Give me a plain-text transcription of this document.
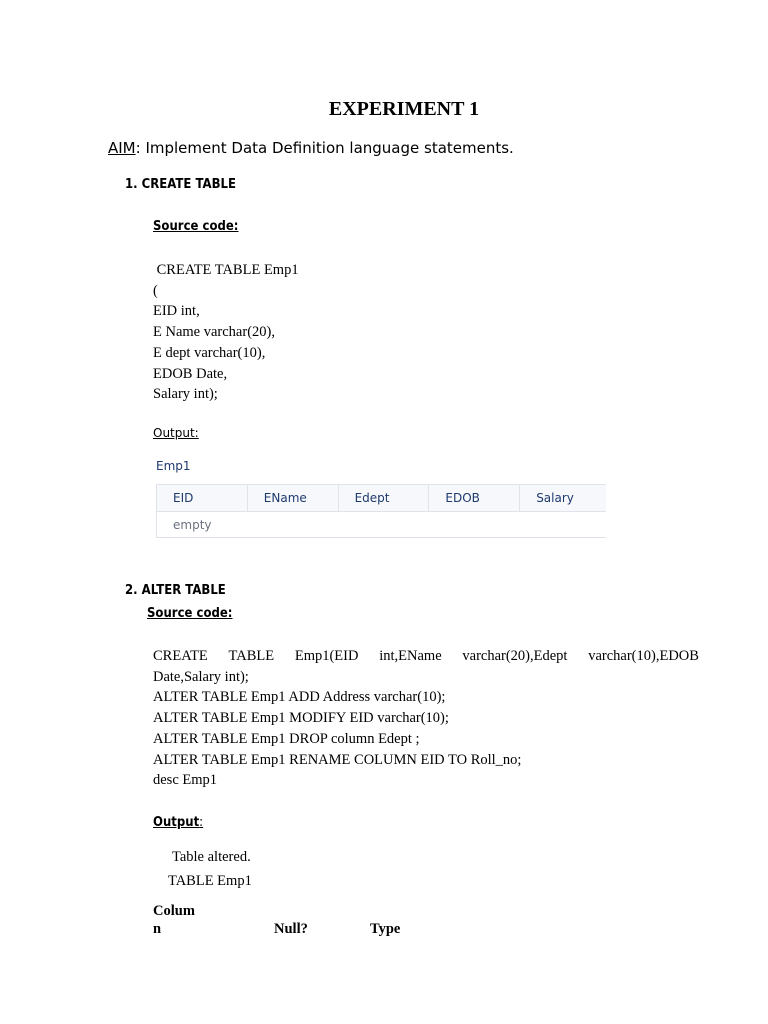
EXPERIMENT 1
AIM: Implement Data Definition language statements.
1. CREATE TABLE
Source code:
CREATE TABLE Emp1
(
EID int,
E Name varchar(20),
E dept varchar(10),
EDOB Date,
Salary int);
Output:
Emp1
EID	EName	Edept	EDOB	Salary
empty
2. ALTER TABLE
Source code:
CREATE TABLE Emp1(EID int,EName varchar(20),Edept varchar(10),EDOB
Date,Salary int);
ALTER TABLE Emp1 ADD Address varchar(10);
ALTER TABLE Emp1 MODIFY EID varchar(10);
ALTER TABLE Emp1 DROP column Edept ;
ALTER TABLE Emp1 RENAME COLUMN EID TO Roll_no;
desc Emp1
Output:
Table altered.
TABLE Emp1
Colum
n	Null?	Type
